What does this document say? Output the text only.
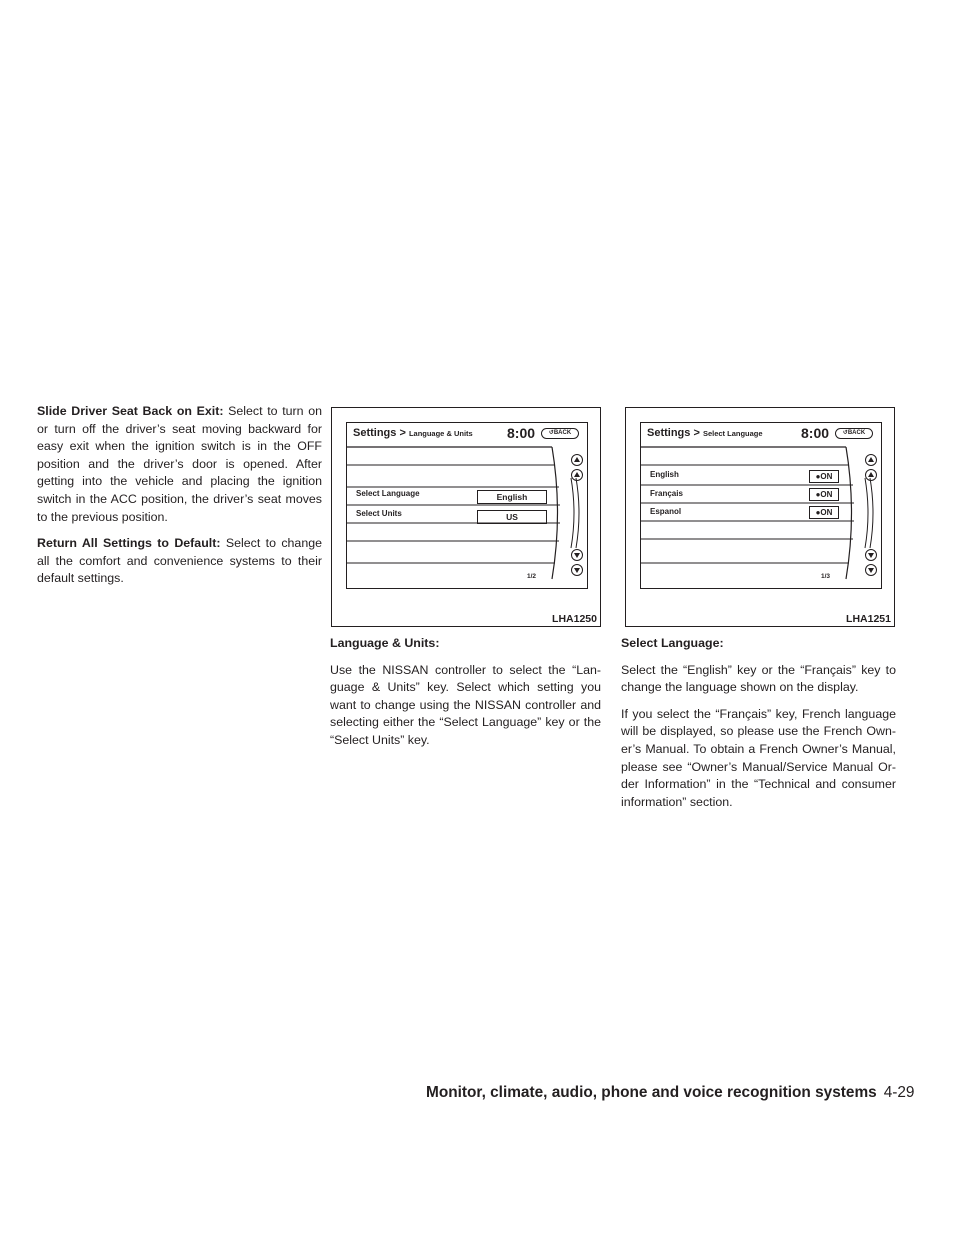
Slide Driver Seat Back on Exit: Select to turn on or turn off the driver’s seat moving backward for easy exit when the ignition switch is in the OFF position and the driver’s door is opened. After getting into the vehicle and placing the ignition switch in the ACC position, the driver’s seat moves to the previous position.

Return All Settings to Default: Select to change all the comfort and convenience systems to their default settings.

Settings > Language & Units 8:00	↺BACK
Select Language	English
Select Units	US
1/2
LHA1250
Settings > Select Language	8:00	↺BACK
English	●ON
Français	●ON
Espanol	●ON
1/3
LHA1251
Language & Units:

Use the NISSAN controller to select the “Lan-guage & Units” key. Select which setting you want to change using the NISSAN controller and selecting either the “Select Language” key or the “Select Units” key.

Select Language:

Select the “English” key or the “Français” key to change the language shown on the display.

If you select the “Français” key, French language will be displayed, so please use the French Own-er’s Manual. To obtain a French Owner’s Manual, please see “Owner’s Manual/Service Manual Or-der Information” in the “Technical and consumer information” section.

Monitor, climate, audio, phone and voice recognition systems 4-29
